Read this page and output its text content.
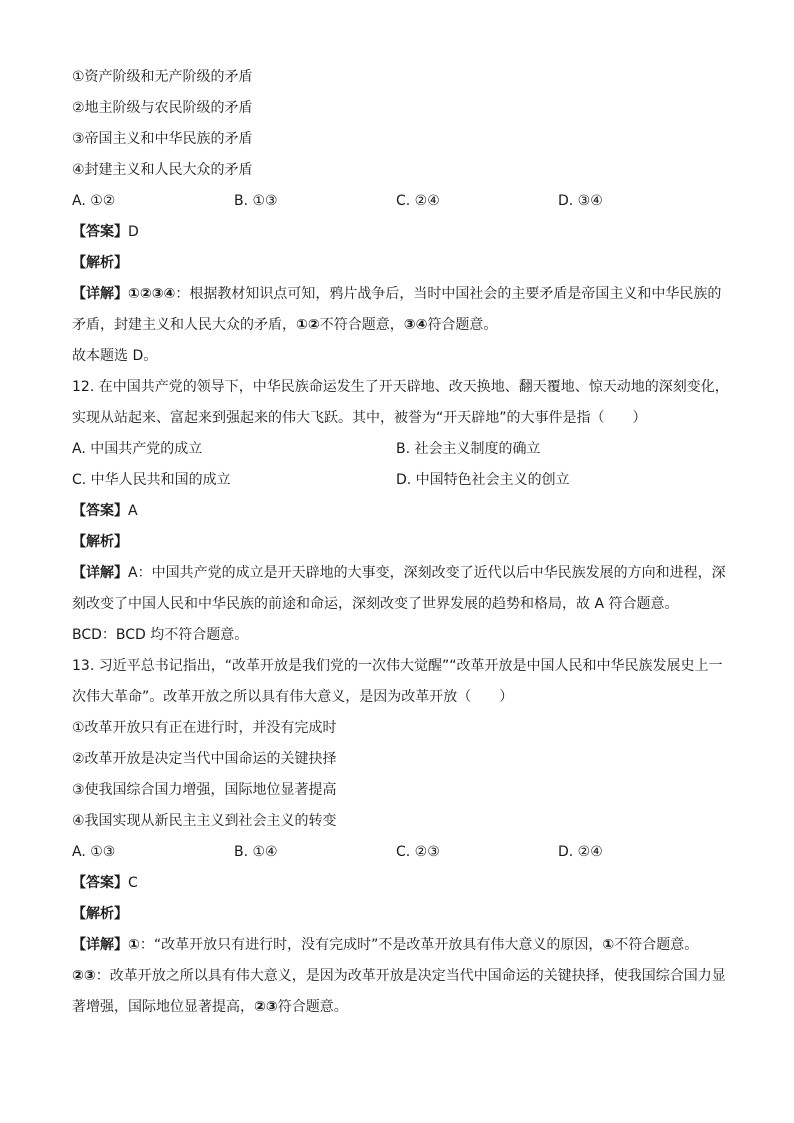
①资产阶级和无产阶级的矛盾
②地主阶级与农民阶级的矛盾
③帝国主义和中华民族的矛盾
④封建主义和人民大众的矛盾
A. ①②	B. ①③	C. ②④	D. ③④
【答案】D
【解析】
【详解】①②③④：根据教材知识点可知，鸦片战争后，当时中国社会的主要矛盾是帝国主义和中华民族的矛盾，封建主义和人民大众的矛盾，①②不符合题意，③④符合题意。
故本题选 D。
12. 在中国共产党的领导下，中华民族命运发生了开天辟地、改天换地、翻天覆地、惊天动地的深刻变化，实现从站起来、富起来到强起来的伟大飞跃。其中，被誉为“开天辟地”的大事件是指（　　）
A. 中国共产党的成立	B. 社会主义制度的确立
C. 中华人民共和国的成立	D. 中国特色社会主义的创立
【答案】A
【解析】
【详解】A：中国共产党的成立是开天辟地的大事变，深刻改变了近代以后中华民族发展的方向和进程，深刻改变了中国人民和中华民族的前途和命运，深刻改变了世界发展的趋势和格局，故 A 符合题意。
BCD：BCD 均不符合题意。
13. 习近平总书记指出，“改革开放是我们党的一次伟大觉醒”“改革开放是中国人民和中华民族发展史上一次伟大革命”。改革开放之所以具有伟大意义，是因为改革开放（　　）
①改革开放只有正在进行时，并没有完成时
②改革开放是决定当代中国命运的关键抉择
③使我国综合国力增强，国际地位显著提高
④我国实现从新民主主义到社会主义的转变
A. ①③	B. ①④	C. ②③	D. ②④
【答案】C
【解析】
【详解】①：“改革开放只有进行时，没有完成时”不是改革开放具有伟大意义的原因，①不符合题意。
②③：改革开放之所以具有伟大意义，是因为改革开放是决定当代中国命运的关键抉择，使我国综合国力显著增强，国际地位显著提高，②③符合题意。
